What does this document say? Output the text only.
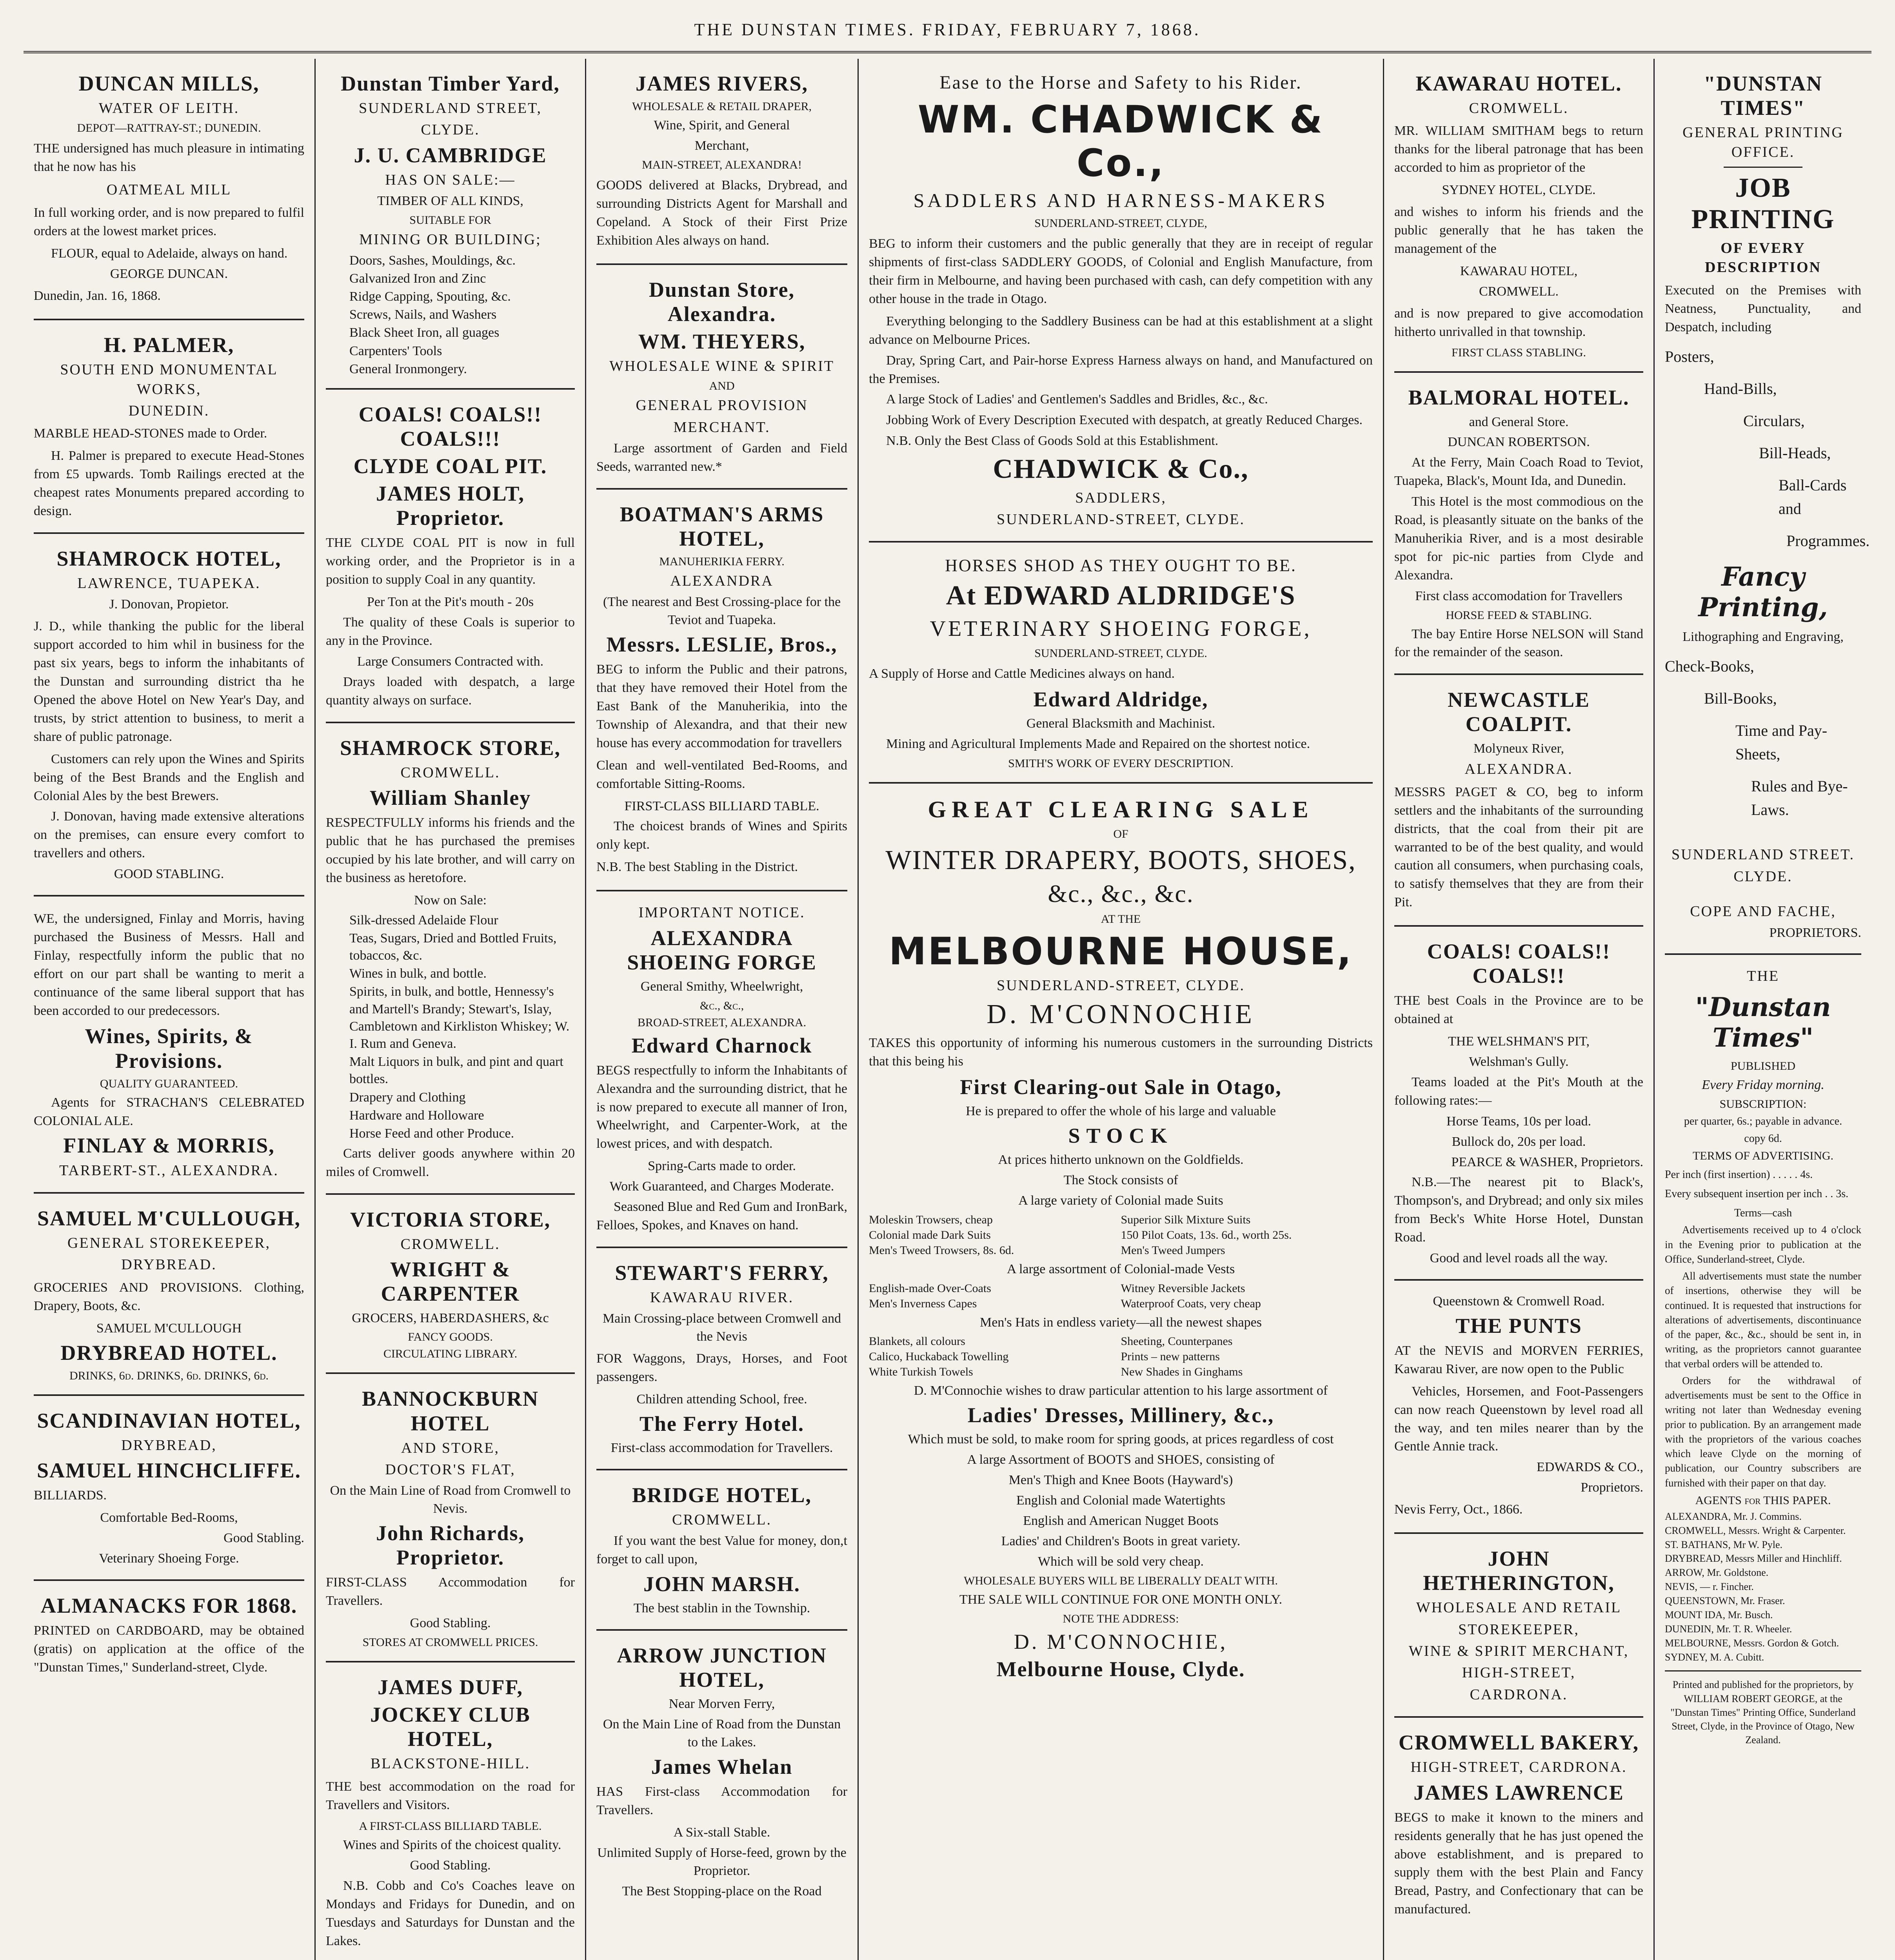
THE DUNSTAN TIMES. FRIDAY, FEBRUARY 7, 1868.
DUNCAN MILLS,
WATER OF LEITH.
DEPOT—RATTRAY-ST.; DUNEDIN.
THE undersigned has much pleasure in intimating that he now has his
OATMEAL MILL
In full working order, and is now prepared to fulfil orders at the lowest market prices.
FLOUR, equal to Adelaide, always on hand.
GEORGE DUNCAN.
Dunedin, Jan. 16, 1868.
H. PALMER,
SOUTH END MONUMENTAL WORKS,
DUNEDIN.
MARBLE HEAD-STONES made to Order.
H. Palmer is prepared to execute Head-Stones from £5 upwards. Tomb Railings erected at the cheapest rates Monuments prepared according to design.
SHAMROCK HOTEL,
LAWRENCE, TUAPEKA.
J. Donovan, Propietor.
J. D., while thanking the public for the liberal support accorded to him whil in business for the past six years, begs to inform the inhabitants of the Dunstan and surrounding district tha he Opened the above Hotel on New Year's Day, and trusts, by strict attention to business, to merit a share of public patronage.
Customers can rely upon the Wines and Spirits being of the Best Brands and the English and Colonial Ales by the best Brewers.
J. Donovan, having made extensive alterations on the premises, can ensure every comfort to travellers and others.
GOOD STABLING.
WE, the undersigned, Finlay and Morris, having purchased the Business of Messrs. Hall and Finlay, respectfully inform the public that no effort on our part shall be wanting to merit a continuance of the same liberal support that has been accorded to our predecessors.
Wines, Spirits, & Provisions.
QUALITY GUARANTEED.
Agents for STRACHAN'S CELEBRATED COLONIAL ALE.
FINLAY & MORRIS,
TARBERT-ST., ALEXANDRA.
SAMUEL M'CULLOUGH,
GENERAL STOREKEEPER,
DRYBREAD.
GROCERIES AND PROVISIONS. Clothing, Drapery, Boots, &c.
SAMUEL M'CULLOUGH
DRYBREAD HOTEL.
DRINKS, 6d. DRINKS, 6d. DRINKS, 6d.
SCANDINAVIAN HOTEL,
DRYBREAD,
SAMUEL HINCHCLIFFE.
BILLIARDS.
Comfortable Bed-Rooms,
Good Stabling.
Veterinary Shoeing Forge.
ALMANACKS FOR 1868.
PRINTED on CARDBOARD, may be obtained (gratis) on application at the office of the "Dunstan Times," Sunderland-street, Clyde.
Dunstan Timber Yard,
SUNDERLAND STREET,
CLYDE.
J. U. CAMBRIDGE
HAS ON SALE:—
TIMBER OF ALL KINDS,
SUITABLE FOR
MINING OR BUILDING;
Doors, Sashes, Mouldings, &c.
Galvanized Iron and Zinc
Ridge Capping, Spouting, &c.
Screws, Nails, and Washers
Black Sheet Iron, all guages
Carpenters' Tools
General Ironmongery.
COALS! COALS!! COALS!!!
CLYDE COAL PIT.
JAMES HOLT, Proprietor.
THE CLYDE COAL PIT is now in full working order, and the Proprietor is in a position to supply Coal in any quantity.
Per Ton at the Pit's mouth - 20s
The quality of these Coals is superior to any in the Province.
Large Consumers Contracted with.
Drays loaded with despatch, a large quantity always on surface.
SHAMROCK STORE,
CROMWELL.
William Shanley
RESPECTFULLY informs his friends and the public that he has purchased the premises occupied by his late brother, and will carry on the business as heretofore.
Now on Sale:
Silk-dressed Adelaide Flour
Teas, Sugars, Dried and Bottled Fruits, tobaccos, &c.
Wines in bulk, and bottle.
Spirits, in bulk, and bottle, Hennessy's and Martell's Brandy; Stewart's, Islay, Cambletown and Kirkliston Whiskey; W. I. Rum and Geneva.
Malt Liquors in bulk, and pint and quart bottles.
Drapery and Clothing
Hardware and Holloware
Horse Feed and other Produce.
Carts deliver goods anywhere within 20 miles of Cromwell.
VICTORIA STORE,
CROMWELL.
WRIGHT & CARPENTER
GROCERS, HABERDASHERS, &c
FANCY GOODS.
CIRCULATING LIBRARY.
BANNOCKBURN HOTEL
AND STORE,
DOCTOR'S FLAT,
On the Main Line of Road from Cromwell to Nevis.
John Richards, Proprietor.
FIRST-CLASS Accommodation for Travellers.
Good Stabling.
STORES AT CROMWELL PRICES.
JAMES DUFF,
JOCKEY CLUB HOTEL,
BLACKSTONE-HILL.
THE best accommodation on the road for Travellers and Visitors.
A FIRST-CLASS BILLIARD TABLE.
Wines and Spirits of the choicest quality.
Good Stabling.
N.B. Cobb and Co's Coaches leave on Mondays and Fridays for Dunedin, and on Tuesdays and Saturdays for Dunstan and the Lakes.
JAMES RIVERS,
WHOLESALE & RETAIL DRAPER,
Wine, Spirit, and General
Merchant,
MAIN-STREET, ALEXANDRA!
GOODS delivered at Blacks, Drybread, and surrounding Districts Agent for Marshall and Copeland. A Stock of their First Prize Exhibition Ales always on hand.
Dunstan Store, Alexandra.
WM. THEYERS,
WHOLESALE WINE & SPIRIT
AND
GENERAL PROVISION
MERCHANT.
Large assortment of Garden and Field Seeds, warranted new.*
BOATMAN'S ARMS HOTEL,
MANUHERIKIA FERRY.
ALEXANDRA
(The nearest and Best Crossing-place for the Teviot and Tuapeka.
Messrs. LESLIE, Bros.,
BEG to inform the Public and their patrons, that they have removed their Hotel from the East Bank of the Manuherikia, into the Township of Alexandra, and that their new house has every accommodation for travellers
Clean and well-ventilated Bed-Rooms, and comfortable Sitting-Rooms.
FIRST-CLASS BILLIARD TABLE.
The choicest brands of Wines and Spirits only kept.
N.B. The best Stabling in the District.
IMPORTANT NOTICE.
ALEXANDRA SHOEING FORGE
General Smithy, Wheelwright,
&c., &c.,
BROAD-STREET, ALEXANDRA.
Edward Charnock
BEGS respectfully to inform the Inhabitants of Alexandra and the surrounding district, that he is now prepared to execute all manner of Iron, Wheelwright, and Carpenter-Work, at the lowest prices, and with despatch.
Spring-Carts made to order.
Work Guaranteed, and Charges Moderate.
Seasoned Blue and Red Gum and IronBark, Felloes, Spokes, and Knaves on hand.
STEWART'S FERRY,
KAWARAU RIVER.
Main Crossing-place between Cromwell and the Nevis
FOR Waggons, Drays, Horses, and Foot passengers.
Children attending School, free.
The Ferry Hotel.
First-class accommodation for Travellers.
BRIDGE HOTEL,
CROMWELL.
If you want the best Value for money, don,t forget to call upon,
JOHN MARSH.
The best stablin in the Township.
ARROW JUNCTION HOTEL,
Near Morven Ferry,
On the Main Line of Road from the Dunstan to the Lakes.
James Whelan
HAS First-class Accommodation for Travellers.
A Six-stall Stable.
Unlimited Supply of Horse-feed, grown by the Proprietor.
The Best Stopping-place on the Road
Ease to the Horse and Safety to his Rider.
WM. CHADWICK & Co.,
SADDLERS AND HARNESS-MAKERS
SUNDERLAND-STREET, CLYDE,
BEG to inform their customers and the public generally that they are in receipt of regular shipments of first-class SADDLERY GOODS, of Colonial and English Manufacture, from their firm in Melbourne, and having been purchased with cash, can defy competition with any other house in the trade in Otago.
Everything belonging to the Saddlery Business can be had at this establishment at a slight advance on Melbourne Prices.
Dray, Spring Cart, and Pair-horse Express Harness always on hand, and Manufactured on the Premises.
A large Stock of Ladies' and Gentlemen's Saddles and Bridles, &c., &c.
Jobbing Work of Every Description Executed with despatch, at greatly Reduced Charges.
N.B. Only the Best Class of Goods Sold at this Establishment.
CHADWICK & Co.,
SADDLERS,
SUNDERLAND-STREET, CLYDE.
HORSES SHOD AS THEY OUGHT TO BE.
At EDWARD ALDRIDGE'S
VETERINARY SHOEING FORGE,
SUNDERLAND-STREET, CLYDE.
A Supply of Horse and Cattle Medicines always on hand.
Edward Aldridge,
General Blacksmith and Machinist.
Mining and Agricultural Implements Made and Repaired on the shortest notice.
SMITH'S WORK OF EVERY DESCRIPTION.
GREAT CLEARING SALE
OF
WINTER DRAPERY, BOOTS, SHOES,
&c., &c., &c.
AT THE
MELBOURNE HOUSE,
SUNDERLAND-STREET, CLYDE.
D. M'CONNOCHIE
TAKES this opportunity of informing his numerous customers in the surrounding Districts that this being his
First Clearing-out Sale in Otago,
He is prepared to offer the whole of his large and valuable
STOCK
At prices hitherto unknown on the Goldfields.
The Stock consists of
A large variety of Colonial made Suits
Moleskin Trowsers, cheap
Colonial made Dark Suits
Men's Tweed Trowsers, 8s. 6d.
Superior Silk Mixture Suits
150 Pilot Coats, 13s. 6d., worth 25s.
Men's Tweed Jumpers
A large assortment of Colonial-made Vests
English-made Over-Coats
Men's Inverness Capes
Witney Reversible Jackets
Waterproof Coats, very cheap
Men's Hats in endless variety—all the newest shapes
Blankets, all colours
Calico, Huckaback Towelling
White Turkish Towels
Sheeting, Counterpanes
Prints – new patterns
New Shades in Ginghams
D. M'Connochie wishes to draw particular attention to his large assortment of
Ladies' Dresses, Millinery, &c.,
Which must be sold, to make room for spring goods, at prices regardless of cost
A large Assortment of BOOTS and SHOES, consisting of
Men's Thigh and Knee Boots (Hayward's)
English and Colonial made Watertights
English and American Nugget Boots
Ladies' and Children's Boots in great variety.
Which will be sold very cheap.
WHOLESALE BUYERS WILL BE LIBERALLY DEALT WITH.
THE SALE WILL CONTINUE FOR ONE MONTH ONLY.
NOTE THE ADDRESS:
D. M'CONNOCHIE,
Melbourne House, Clyde.
KAWARAU HOTEL.
CROMWELL.
MR. WILLIAM SMITHAM begs to return thanks for the liberal patronage that has been accorded to him as proprietor of the
SYDNEY HOTEL, CLYDE.
and wishes to inform his friends and the public generally that he has taken the management of the
KAWARAU HOTEL,
CROMWELL.
and is now prepared to give accomodation hitherto unrivalled in that township.
FIRST CLASS STABLING.
BALMORAL HOTEL.
and General Store.
DUNCAN ROBERTSON.
At the Ferry, Main Coach Road to Teviot, Tuapeka, Black's, Mount Ida, and Dunedin.
This Hotel is the most commodious on the Road, is pleasantly situate on the banks of the Manuherikia River, and is a most desirable spot for pic-nic parties from Clyde and Alexandra.
First class accomodation for Travellers
HORSE FEED & STABLING.
The bay Entire Horse NELSON will Stand for the remainder of the season.
NEWCASTLE COALPIT.
Molyneux River,
ALEXANDRA.
MESSRS PAGET & CO, beg to inform settlers and the inhabitants of the surrounding districts, that the coal from their pit are warranted to be of the best quality, and would caution all consumers, when purchasing coals, to satisfy themselves that they are from their Pit.
COALS! COALS!! COALS!!
THE best Coals in the Province are to be obtained at
THE WELSHMAN'S PIT,
Welshman's Gully.
Teams loaded at the Pit's Mouth at the following rates:—
Horse Teams, 10s per load.
Bullock do, 20s per load.
PEARCE & WASHER, Proprietors.
N.B.—The nearest pit to Black's, Thompson's, and Drybread; and only six miles from Beck's White Horse Hotel, Dunstan Road.
Good and level roads all the way.
Queenstown & Cromwell Road.
THE PUNTS
AT the NEVIS and MORVEN FERRIES, Kawarau River, are now open to the Public
Vehicles, Horsemen, and Foot-Passengers can now reach Queenstown by level road all the way, and ten miles nearer than by the Gentle Annie track.
EDWARDS & CO.,
Proprietors.
Nevis Ferry, Oct., 1866.
JOHN HETHERINGTON,
WHOLESALE AND RETAIL
STOREKEEPER,
WINE & SPIRIT MERCHANT,
HIGH-STREET,
CARDRONA.
CROMWELL BAKERY,
HIGH-STREET, CARDRONA.
JAMES LAWRENCE
BEGS to make it known to the miners and residents generally that he has just opened the above establishment, and is prepared to supply them with the best Plain and Fancy Bread, Pastry, and Confectionary that can be manufactured.
"DUNSTAN TIMES"
GENERAL PRINTING OFFICE.
JOB PRINTING
OF EVERY DESCRIPTION
Executed on the Premises with Neatness, Punctuality, and Despatch, including
Posters,
Hand-Bills,
Circulars,
Bill-Heads,
Ball-Cards and
Programmes.
Fancy Printing,
Lithographing and Engraving,
Check-Books,
Bill-Books,
Time and Pay-Sheets,
Rules and Bye-Laws.
SUNDERLAND STREET.
CLYDE.
COPE AND FACHE,
PROPRIETORS.
THE
"Dunstan Times"
PUBLISHED
Every Friday morning.
SUBSCRIPTION:
per quarter, 6s.; payable in advance.
copy 6d.
TERMS OF ADVERTISING.
Per inch (first insertion) . . . . . 4s.
Every subsequent insertion per inch . . 3s.
Terms—cash
Advertisements received up to 4 o'clock in the Evening prior to publication at the Office, Sunderland-street, Clyde.
All advertisements must state the number of insertions, otherwise they will be continued. It is requested that instructions for alterations of advertisements, discontinuance of the paper, &c., &c., should be sent in, in writing, as the proprietors cannot guarantee that verbal orders will be attended to.
Orders for the withdrawal of advertisements must be sent to the Office in writing not later than Wednesday evening prior to publication. By an arrangement made with the proprietors of the various coaches which leave Clyde on the morning of publication, our Country subscribers are furnished with their paper on that day.
AGENTS for THIS PAPER.
ALEXANDRA, Mr. J. Commins.
CROMWELL, Messrs. Wright & Carpenter.
ST. BATHANS, Mr W. Pyle.
DRYBREAD, Messrs Miller and Hinchliff.
ARROW, Mr. Goldstone.
NEVIS, — r. Fincher.
QUEENSTOWN, Mr. Fraser.
MOUNT IDA, Mr. Busch.
DUNEDIN, Mr. T. R. Wheeler.
MELBOURNE, Messrs. Gordon & Gotch.
SYDNEY, M. A. Cubitt.
Printed and published for the proprietors, by WILLIAM ROBERT GEORGE, at the "Dunstan Times" Printing Office, Sunderland Street, Clyde, in the Province of Otago, New Zealand.
